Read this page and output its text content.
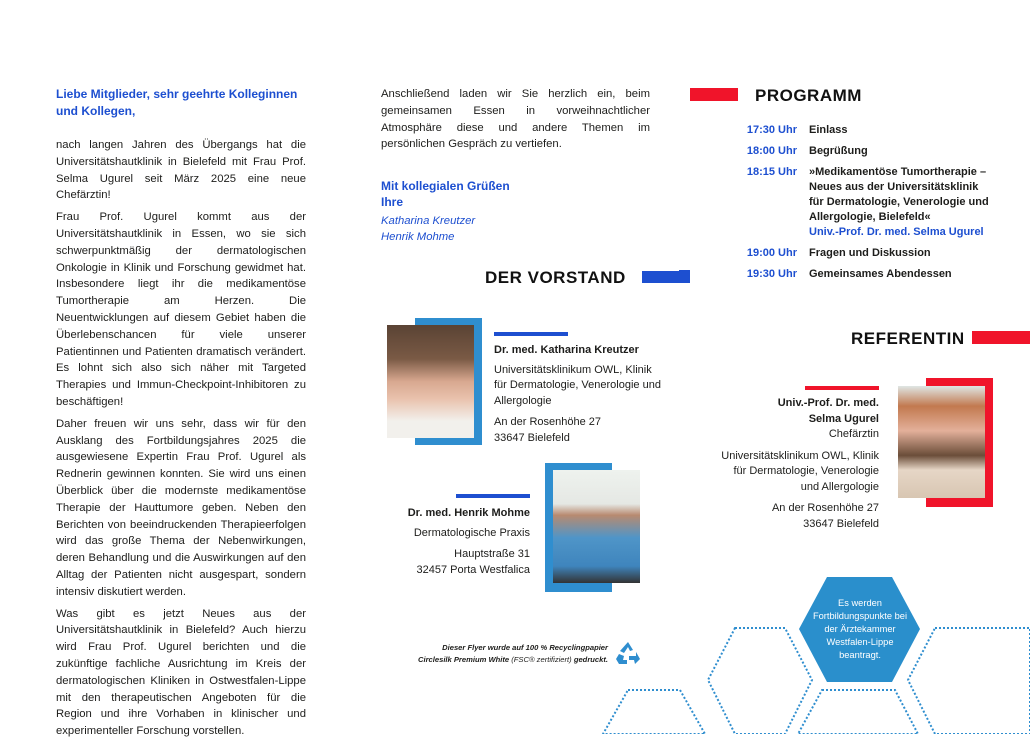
Liebe Mitglieder, sehr geehrte Kolleginnen und Kollegen,

nach langen Jahren des Übergangs hat die Universitätshautklinik in Bielefeld mit Frau Prof. Selma Ugurel seit März 2025 eine neue Chefärztin!

Frau Prof. Ugurel kommt aus der Universitätshautklinik in Essen, wo sie sich schwerpunktmäßig der dermatologischen Onkologie in Klinik und Forschung gewidmet hat. Insbesondere liegt ihr die medikamentöse Tumortherapie am Herzen. Die Neuentwicklungen auf diesem Gebiet haben die Überlebenschancen für viele unserer Patientinnen und Patienten dramatisch verändert. Es lohnt sich also sich näher mit Targeted Therapies und Immun-Checkpoint-Inhibitoren zu beschäftigen!

Daher freuen wir uns sehr, dass wir für den Ausklang des Fortbildungsjahres 2025 die ausgewiesene Expertin Frau Prof. Ugurel als Rednerin gewinnen konnten. Sie wird uns einen Überblick über die modernste medikamentöse Therapie der Hauttumore geben. Neben den Berichten von beeindruckenden Therapieerfolgen wird das große Thema der Nebenwirkungen, deren Behandlung und die Auswirkungen auf den Alltag der Patienten nicht ausgespart, sondern intensiv diskutiert werden.

Was gibt es jetzt Neues aus der Universitätshautklinik in Bielefeld? Auch hierzu wird Frau Prof. Ugurel berichten und die zukünftige fachliche Ausrichtung im Kreis der dermatologischen Kliniken in Ostwestfalen-Lippe mit den therapeutischen Angeboten für die Region und ihre Vorhaben in klinischer und experimenteller Forschung vorstellen.

Anschließend laden wir Sie herzlich ein, beim gemeinsamen Essen in vorweihnachtlicher Atmosphäre diese und andere Themen im persönlichen Gespräch zu vertiefen.
Mit kollegialen Grüßen
Ihre
Katharina Kreutzer
Henrik Mohme
DER VORSTAND
Dr. med. Katharina Kreutzer
Universitätsklinikum OWL, Klinik für Dermatologie, Venerologie und Allergologie
An der Rosenhöhe 27
33647 Bielefeld
Dr. med. Henrik Mohme
Dermatologische Praxis
Hauptstraße 31
32457 Porta Westfalica
Dieser Flyer wurde auf 100 % Recyclingpapier
Circlesilk Premium White (FSC® zertifiziert) gedruckt.
PROGRAMM
17:30 Uhr	Einlass
18:00 Uhr	Begrüßung
18:15 Uhr	»Medikamentöse Tumortherapie – Neues aus der Universitätsklinik für Dermatologie, Venerologie und Allergologie, Bielefeld«
Univ.-Prof. Dr. med. Selma Ugurel
19:00 Uhr	Fragen und Diskussion
19:30 Uhr	Gemeinsames Abendessen
REFERENTIN
Univ.-Prof. Dr. med.
Selma Ugurel
Chefärztin
Universitätsklinikum OWL, Klinik für Dermatologie, Venerologie und Allergologie
An der Rosenhöhe 27
33647 Bielefeld
Es werden Fortbildungspunkte bei der Ärztekammer Westfalen-Lippe beantragt.
